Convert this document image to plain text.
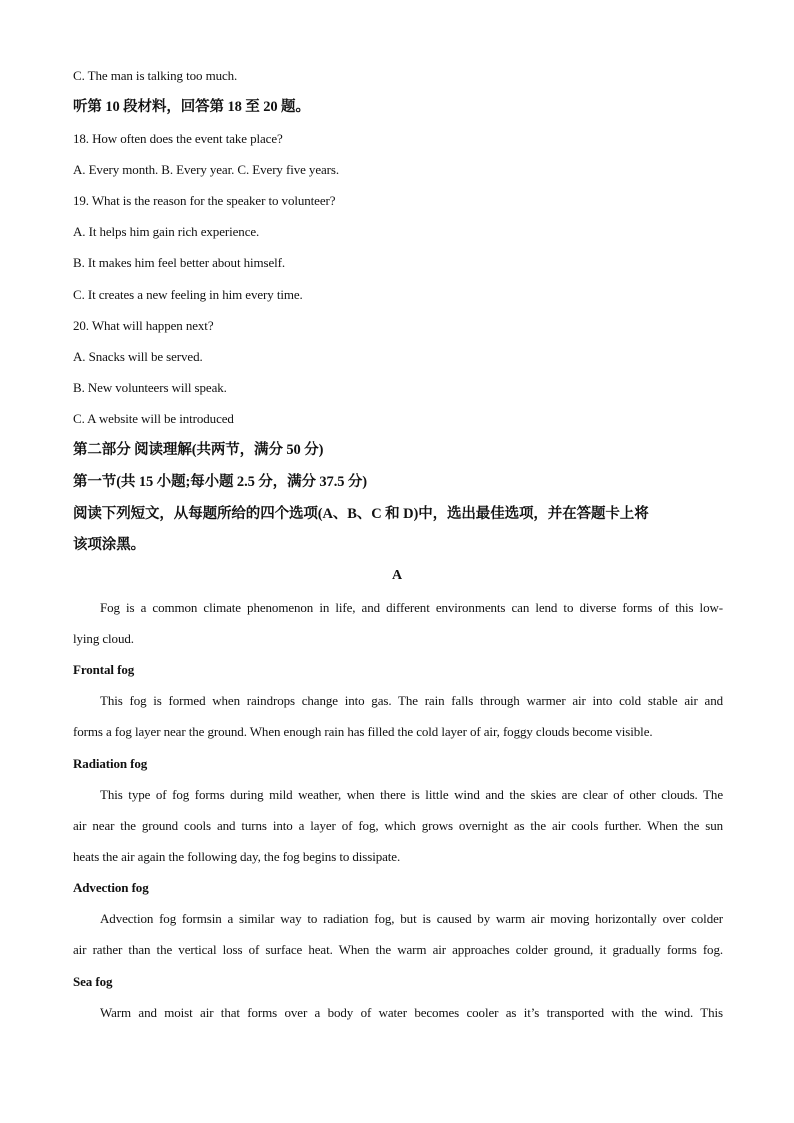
C. The man is talking too much.
听第 10 段材料，回答第 18 至 20 题。
18. How often does the event take place?
A. Every month. B. Every year. C. Every five years.
19. What is the reason for the speaker to volunteer?
A. It helps him gain rich experience.
B. It makes him feel better about himself.
C. It creates a new feeling in him every time.
20. What will happen next?
A. Snacks will be served.
B. New volunteers will speak.
C. A website will be introduced
第二部分 阅读理解(共两节，满分 50 分)
第一节(共 15 小题;每小题 2.5 分，满分 37.5 分)
阅读下列短文，从每题所给的四个选项(A、B、C 和 D)中，选出最佳选项，并在答题卡上将
该项涂黑。
A
Fog is a common climate phenomenon in life, and different environments can lend to diverse forms of this low-
lying cloud.
Frontal fog
This fog is formed when raindrops change into gas. The rain falls through warmer air into cold stable air and
forms a fog layer near the ground. When enough rain has filled the cold layer of air, foggy clouds become visible.
Radiation fog
This type of fog forms during mild weather, when there is little wind and the skies are clear of other clouds. The
air near the ground cools and turns into a layer of fog, which grows overnight as the air cools further. When the sun
heats the air again the following day, the fog begins to dissipate.
Advection fog
Advection fog formsin a similar way to radiation fog, but is caused by warm air moving horizontally over colder
air rather than the vertical loss of surface heat. When the warm air approaches colder ground, it gradually forms fog.
Sea fog
Warm and moist air that forms over a body of water becomes cooler as it’s transported with the wind. This
